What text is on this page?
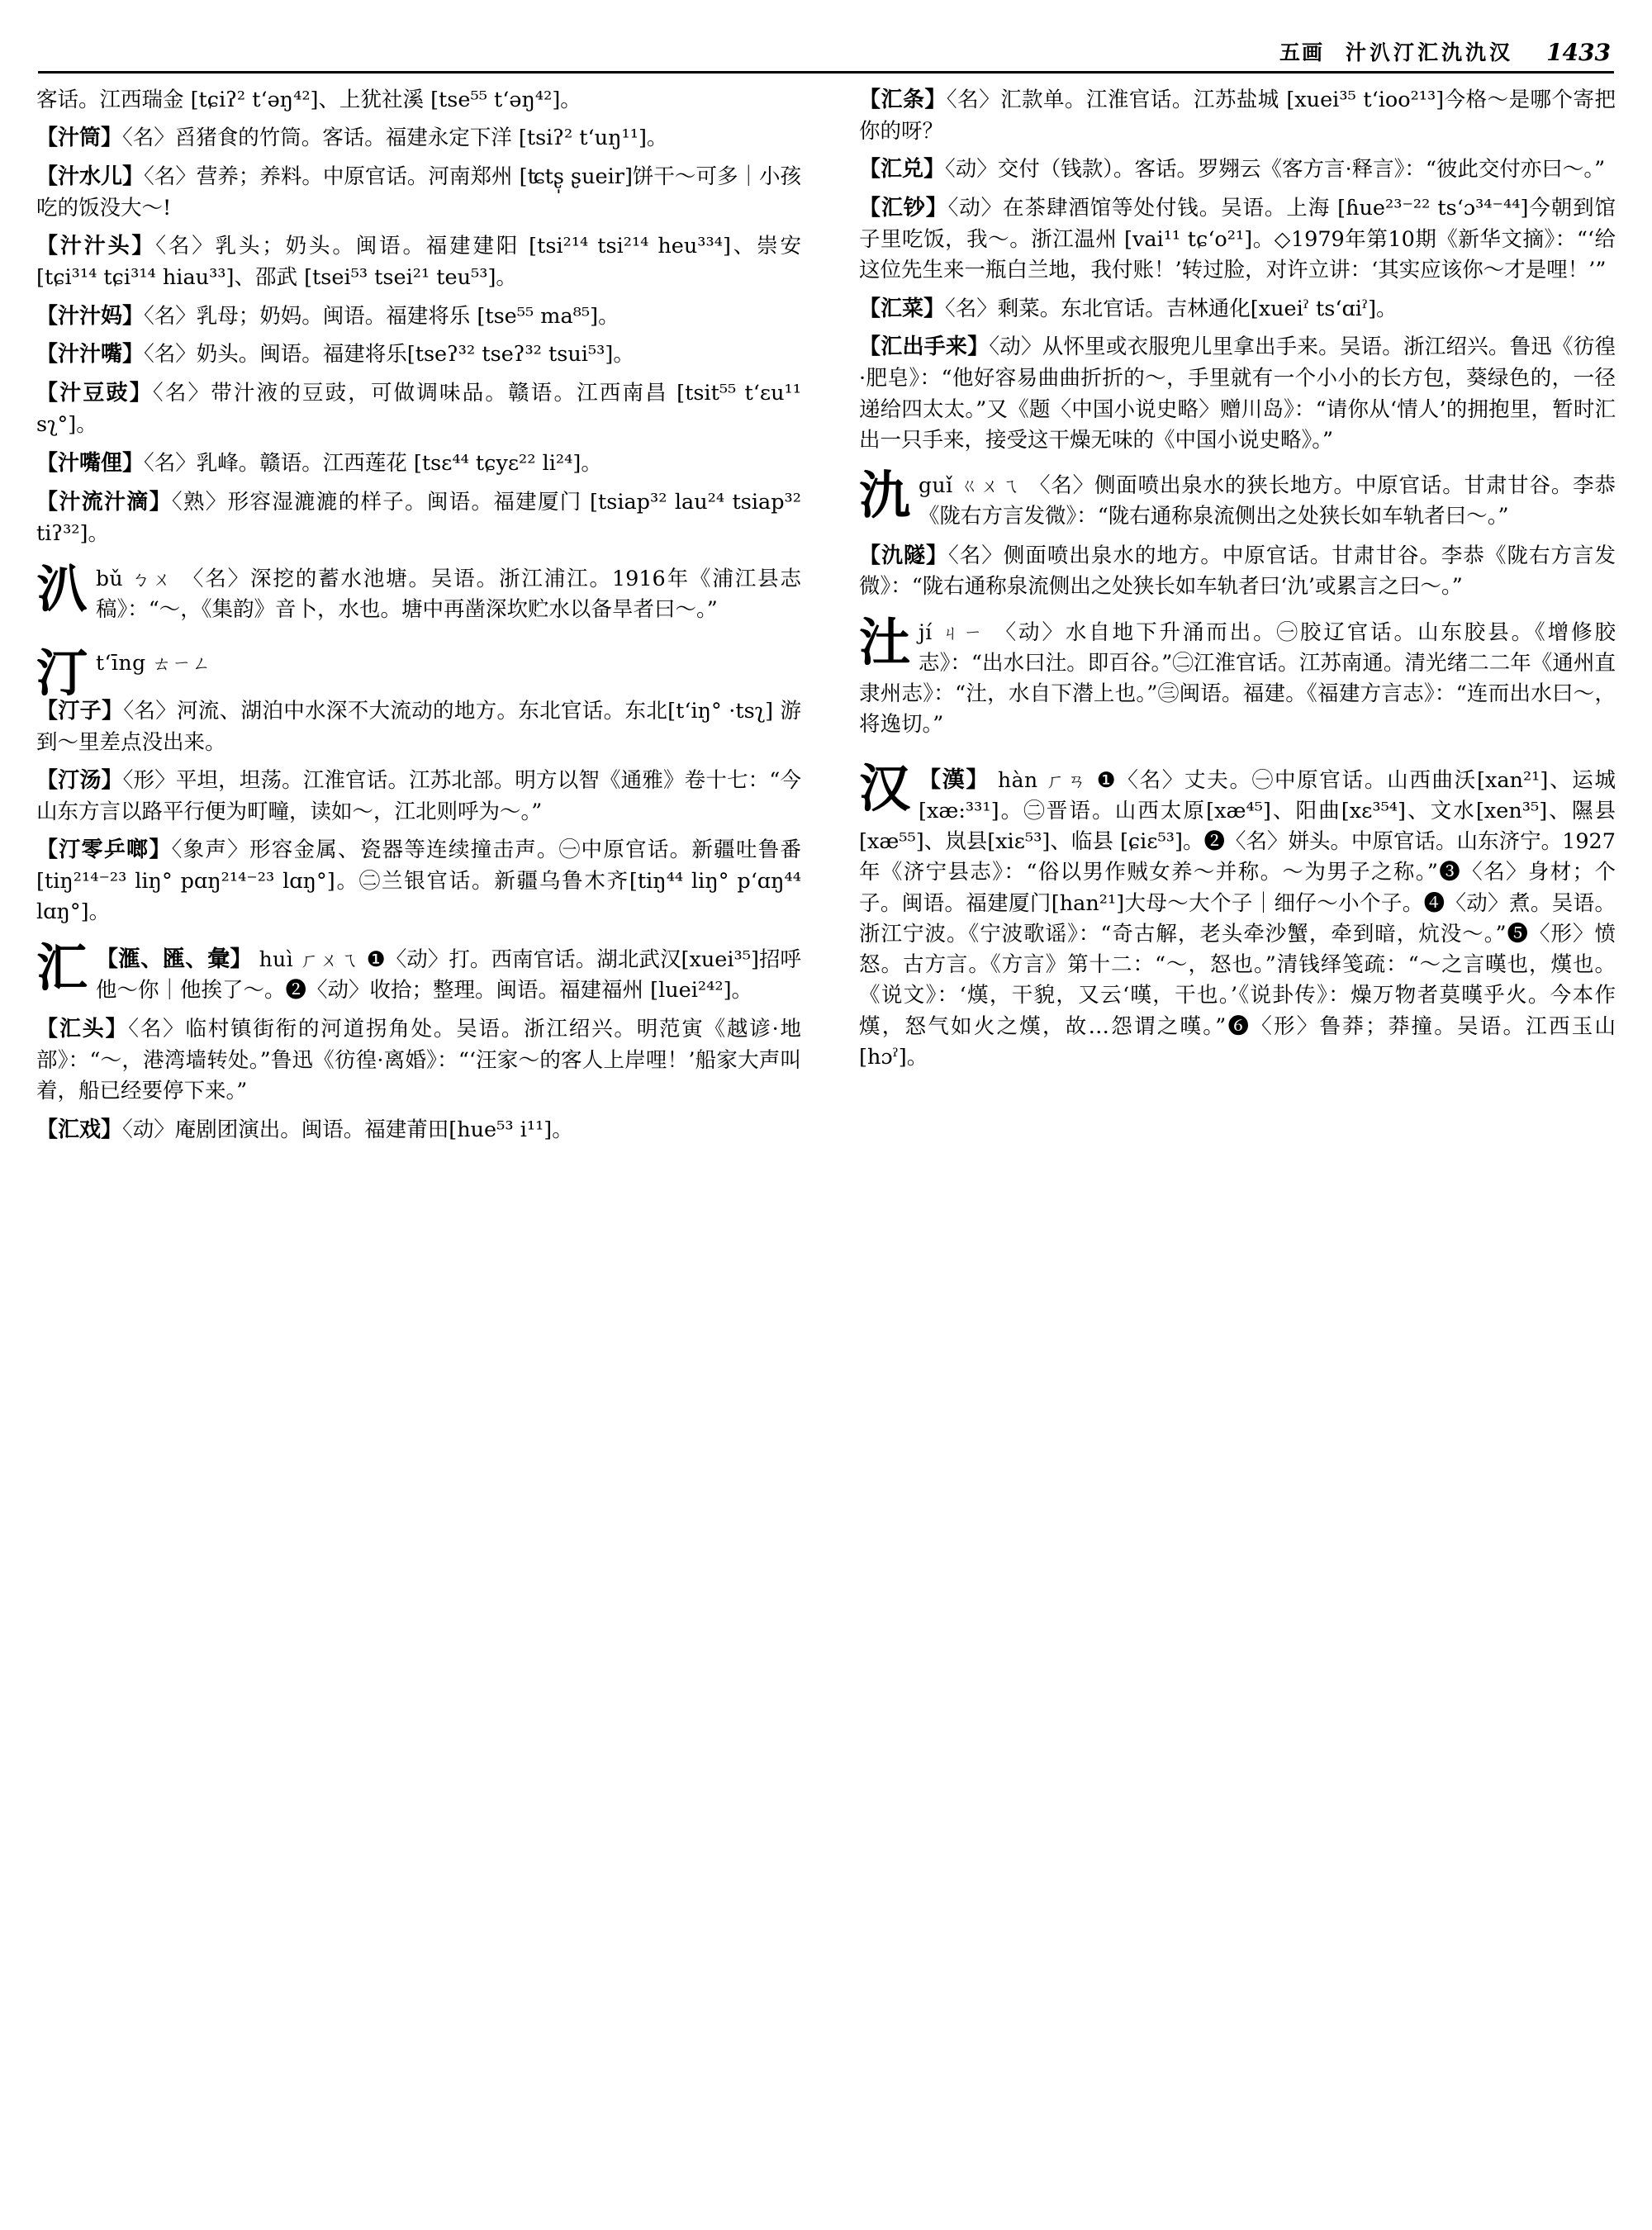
五画 汁汃汀汇氿氿汉 1433
客话。江西瑞金 [tɕiʔ² tʻəŋ⁴²]、上犹社溪 [tse⁵⁵ tʻəŋ⁴²]。
【汁筒】〈名〉舀猪食的竹筒。客话。福建永定下洋 [tsiʔ² tʻuŋ¹¹]。
【汁水儿】〈名〉营养；养料。中原官话。河南郑州 [ʨtʂ̩ ʂueir]饼干～可多｜小孩吃的饭没大～!
【汁汁头】〈名〉乳头；奶头。闽语。福建建阳 [tsi²¹⁴ tsi²¹⁴ heu³³⁴]、崇安 [tɕi³¹⁴ tɕi³¹⁴ hiau³³]、邵武 [tsei⁵³ tsei²¹ teu⁵³]。
【汁汁妈】〈名〉乳母；奶妈。闽语。福建将乐 [tse⁵⁵ ma⁸⁵]。
【汁汁嘴】〈名〉奶头。闽语。福建将乐[tseʔ³² tseʔ³² tsui⁵³]。
【汁豆豉】〈名〉带汁液的豆豉，可做调味品。赣语。江西南昌 [tsit⁵⁵ tʻɛu¹¹ sʅ°]。
【汁嘴俚】〈名〉乳峰。赣语。江西莲花 [tsɛ⁴⁴ tɕyɛ²² li²⁴]。
【汁流汁滴】〈熟〉形容湿漉漉的样子。闽语。福建厦门 [tsiap³² lau²⁴ tsiap³² tiʔ³²]。
汃bǔ ㄅㄨ 〈名〉深挖的蓄水池塘。吴语。浙江浦江。1916年《浦江县志稿》：“～，《集韵》音卜，水也。塘中再凿深坎贮水以备旱者曰～。”
汀tʻīng ㄊㄧㄥ
【汀子】〈名〉河流、湖泊中水深不大流动的地方。东北官话。东北[tʻiŋ° ·tsʅ] 游到～里差点没出来。
【汀汤】〈形〉平坦，坦荡。江淮官话。江苏北部。明方以智《通雅》卷十七：“今山东方言以路平行便为町疃，读如～，江北则呼为～。”
【汀零乒啷】〈象声〉形容金属、瓷器等连续撞击声。㊀中原官话。新疆吐鲁番 [tiŋ²¹⁴⁻²³ liŋ° pɑŋ²¹⁴⁻²³ lɑŋ°]。㊁兰银官话。新疆乌鲁木齐[tiŋ⁴⁴ liŋ° pʻɑŋ⁴⁴ lɑŋ°]。
汇 【滙、匯、彙】 huì ㄏㄨㄟ ❶〈动〉打。西南官话。湖北武汉[xuei³⁵]招呼他～你｜他挨了～。❷〈动〉收拾；整理。闽语。福建福州 [luei²⁴²]。
【汇头】〈名〉临村镇街衔的河道拐角处。吴语。浙江绍兴。明范寅《越谚·地部》：“～，港湾墙转处。”鲁迅《彷徨·离婚》：“‘汪家～的客人上岸哩！’船家大声叫着，船已经要停下来。”
【汇戏】〈动〉庵剧团演出。闽语。福建莆田[hue⁵³ i¹¹]。
【汇条】〈名〉汇款单。江淮官话。江苏盐城 [xuei³⁵ tʻioo²¹³]今格～是哪个寄把你的呀？
【汇兑】〈动〉交付（钱款）。客话。罗翙云《客方言·释言》：“彼此交付亦曰～。”
【汇钞】〈动〉在茶肆酒馆等处付钱。吴语。上海 [ɦue²³⁻²² tsʻɔ³⁴⁻⁴⁴]今朝到馆子里吃饭，我～。浙江温州 [vai¹¹ tɕʻo²¹]。◇1979年第10期《新华文摘》：“‘给这位先生来一瓶白兰地，我付账！’转过脸，对许立讲：‘其实应该你～才是哩！’”
【汇菜】〈名〉剩菜。东北官话。吉林通化[xueiˀ tsʻɑiˀ]。
【汇出手来】〈动〉从怀里或衣服兜儿里拿出手来。吴语。浙江绍兴。鲁迅《彷徨·肥皂》：“他好容易曲曲折折的～，手里就有一个小小的长方包，葵绿色的，一径递给四太太。”又《题〈中国小说史略〉赠川岛》：“请你从‘情人’的拥抱里，暂时汇出一只手来，接受这干燥无味的《中国小说史略》。”
氿guǐ ㄍㄨㄟ 〈名〉侧面喷出泉水的狭长地方。中原官话。甘肃甘谷。李恭《陇右方言发微》：“陇右通称泉流侧出之处狭长如车轨者曰～。”
【氿隧】〈名〉侧面喷出泉水的地方。中原官话。甘肃甘谷。李恭《陇右方言发微》：“陇右通称泉流侧出之处狭长如车轨者曰‘氿’或累言之曰～。”
汢jí ㄐㄧ 〈动〉水自地下升涌而出。㊀胶辽官话。山东胶县。《增修胶志》：“出水曰汢。即百谷。”㊁江淮官话。江苏南通。清光绪二二年《通州直隶州志》：“汢，水自下潜上也。”㊂闽语。福建。《福建方言志》：“连而出水曰～，将逸切。”
汉 【漢】 hàn ㄏㄢ ❶〈名〉丈夫。㊀中原官话。山西曲沃[xan²¹]、运城 [xæ:³³¹]。㊁晋语。山西太原[xæ⁴⁵]、阳曲[xɛ³⁵⁴]、文水[xen³⁵]、隰县 [xæ⁵⁵]、岚县[xiɛ⁵³]、临县 [ɕiɛ⁵³]。❷〈名〉姘头。中原官话。山东济宁。1927年《济宁县志》：“俗以男作贼女养～并称。～为男子之称。”❸〈名〉身材；个子。闽语。福建厦门[han²¹]大母～大个子｜细仔～小个子。❹〈动〉煮。吴语。浙江宁波。《宁波歌谣》：“奇古解，老头牵沙蟹，牵到暗，炕没～。”❺〈形〉愤怒。古方言。《方言》第十二：“～，怒也。”清钱绎笺疏：“～之言暵也，熯也。《说文》：‘熯，干貌，又云‘暵，干也。’《说卦传》：燥万物者莫暵乎火。今本作熯，怒气如火之熯，故…怨谓之暵。”❻〈形〉鲁莽；莽撞。吴语。江西玉山[hɔˀ]。
